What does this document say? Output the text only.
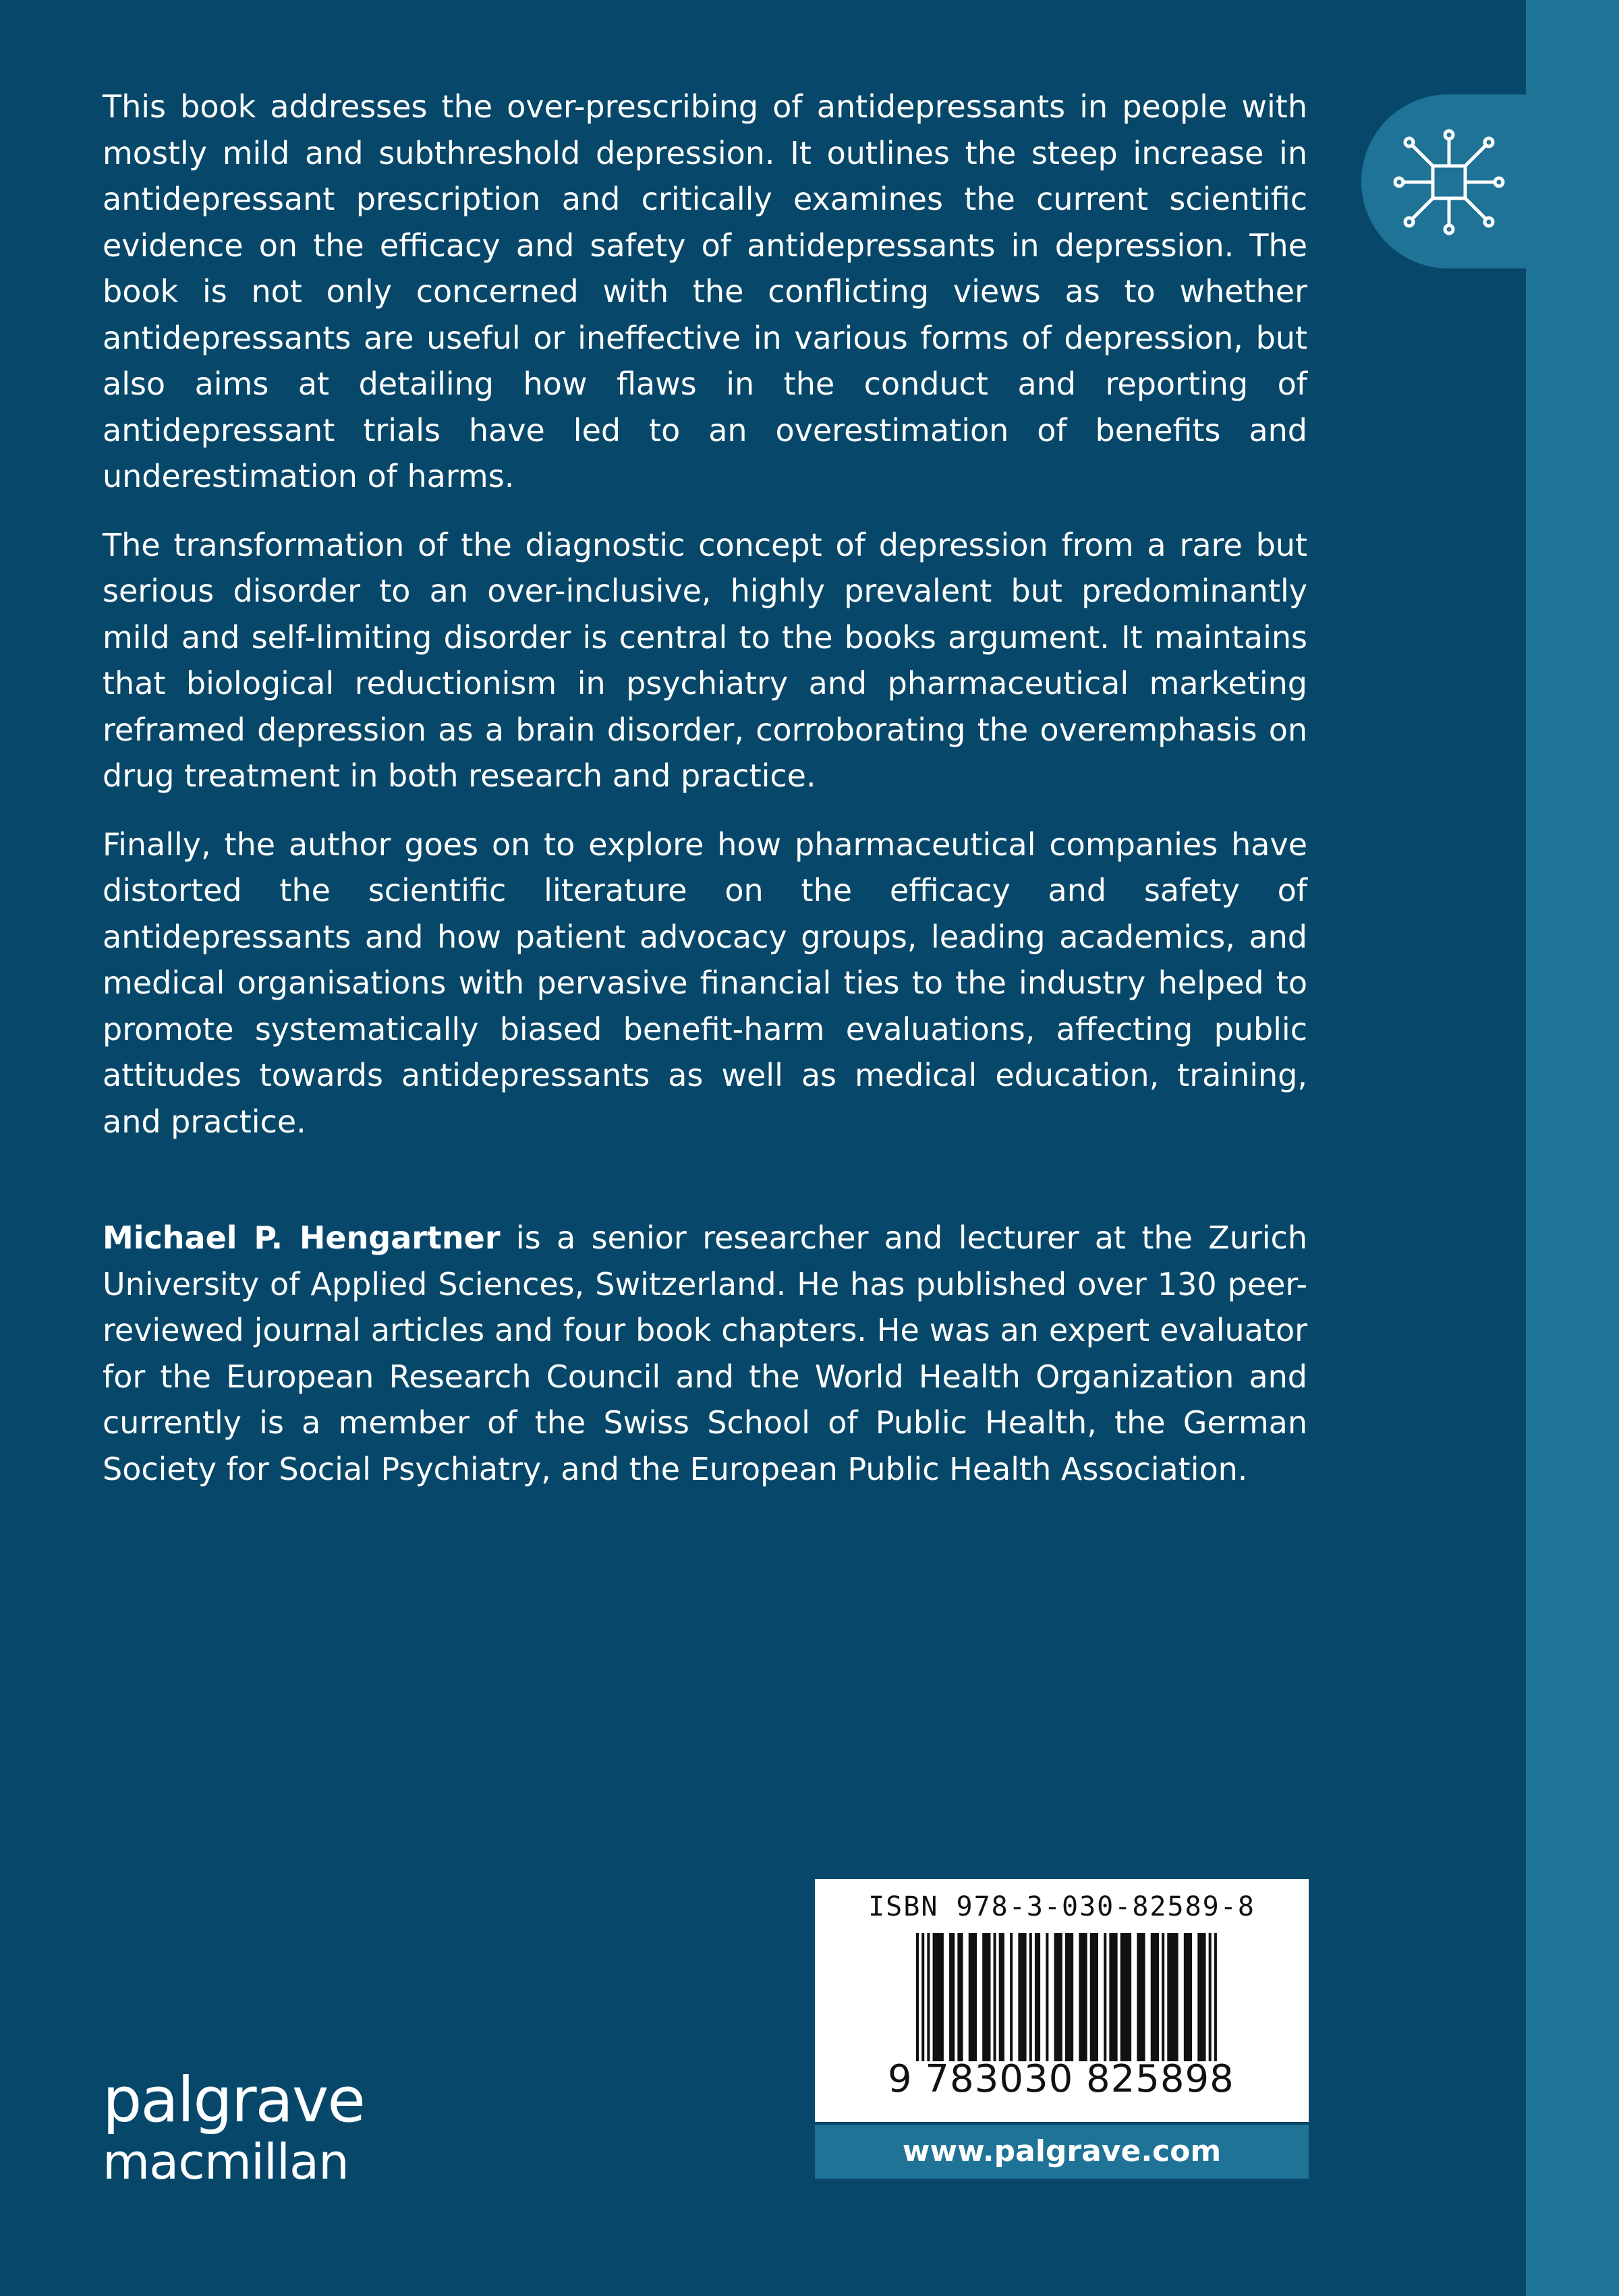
This book addresses the over-prescribing of antidepressants in people with mostly mild and subthreshold depression. It outlines the steep increase in antidepressant prescription and critically examines the current scientific evidence on the efficacy and safety of antidepressants in depression. The book is not only concerned with the conflicting views as to whether antidepressants are useful or ineffective in various forms of depression, but also aims at detailing how flaws in the conduct and reporting of antidepressant trials have led to an overestimation of benefits and underestimation of harms.

The transformation of the diagnostic concept of depression from a rare but serious disorder to an over-inclusive, highly prevalent but predominantly mild and self-limiting disorder is central to the books argument. It maintains that biological reductionism in psychiatry and pharmaceutical marketing reframed depression as a brain disorder, corroborating the overemphasis on drug treatment in both research and practice.

Finally, the author goes on to explore how pharmaceutical companies have distorted the scientific literature on the efficacy and safety of antidepressants and how patient advocacy groups, leading academics, and medical organisations with pervasive financial ties to the industry helped to promote systematically biased benefit-harm evaluations, affecting public attitudes towards antidepressants as well as medical education, training, and practice.

Michael P. Hengartner is a senior researcher and lecturer at the Zurich University of Applied Sciences, Switzerland. He has published over 130 peer-reviewed journal articles and four book chapters. He was an expert evaluator for the European Research Council and the World Health Organization and currently is a member of the Swiss School of Public Health, the German Society for Social Psychiatry, and the European Public Health Association.

palgrave
macmillan
ISBN 978-3-030-82589-8
9 783030 825898
www.palgrave.com
